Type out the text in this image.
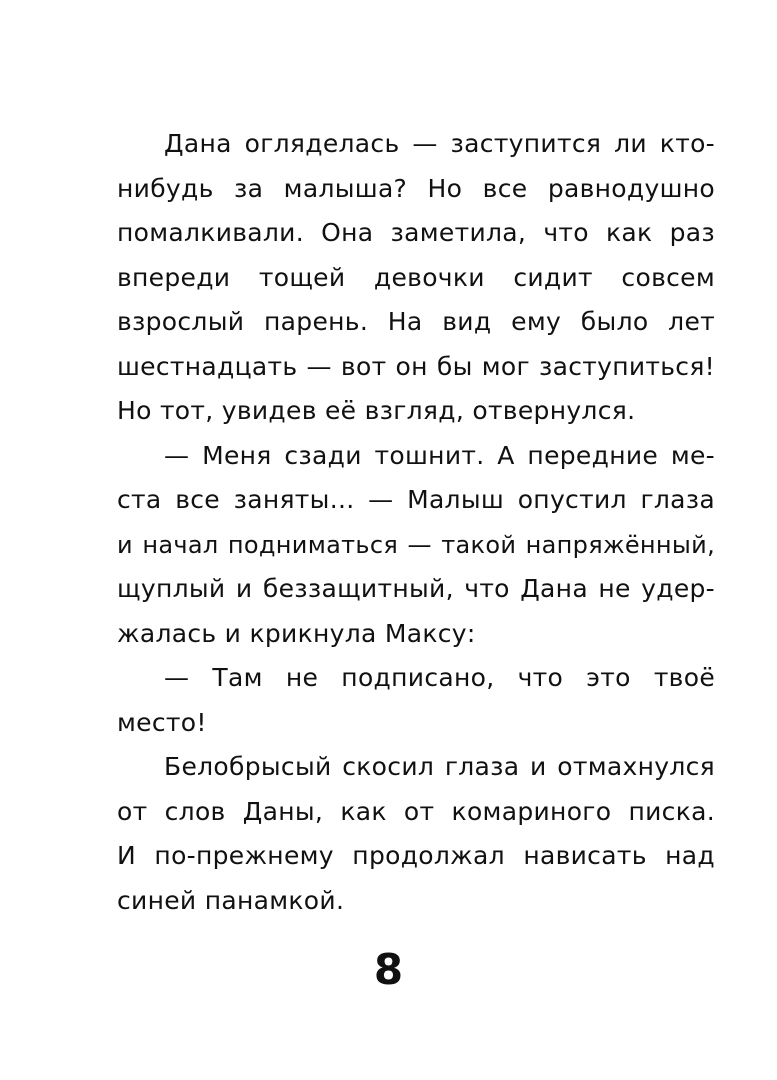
Дана огляделась — заступится ли кто-
нибудь за малыша? Но все равнодушно
помалкивали. Она заметила, что как раз
впереди тощей девочки сидит совсем
взрослый парень. На вид ему было лет
шестнадцать — вот он бы мог заступиться!
Но тот, увидев её взгляд, отвернулся.
— Меня сзади тошнит. А передние ме-
ста все заняты... — Малыш опустил глаза
и начал подниматься — такой напряжённый,
щуплый и беззащитный, что Дана не удер-
жалась и крикнула Максу:
— Там не подписано, что это твоё
место!
Белобрысый скосил глаза и отмахнулся
от слов Даны, как от комариного писка.
И по-прежнему продолжал нависать над
синей панамкой.
8
